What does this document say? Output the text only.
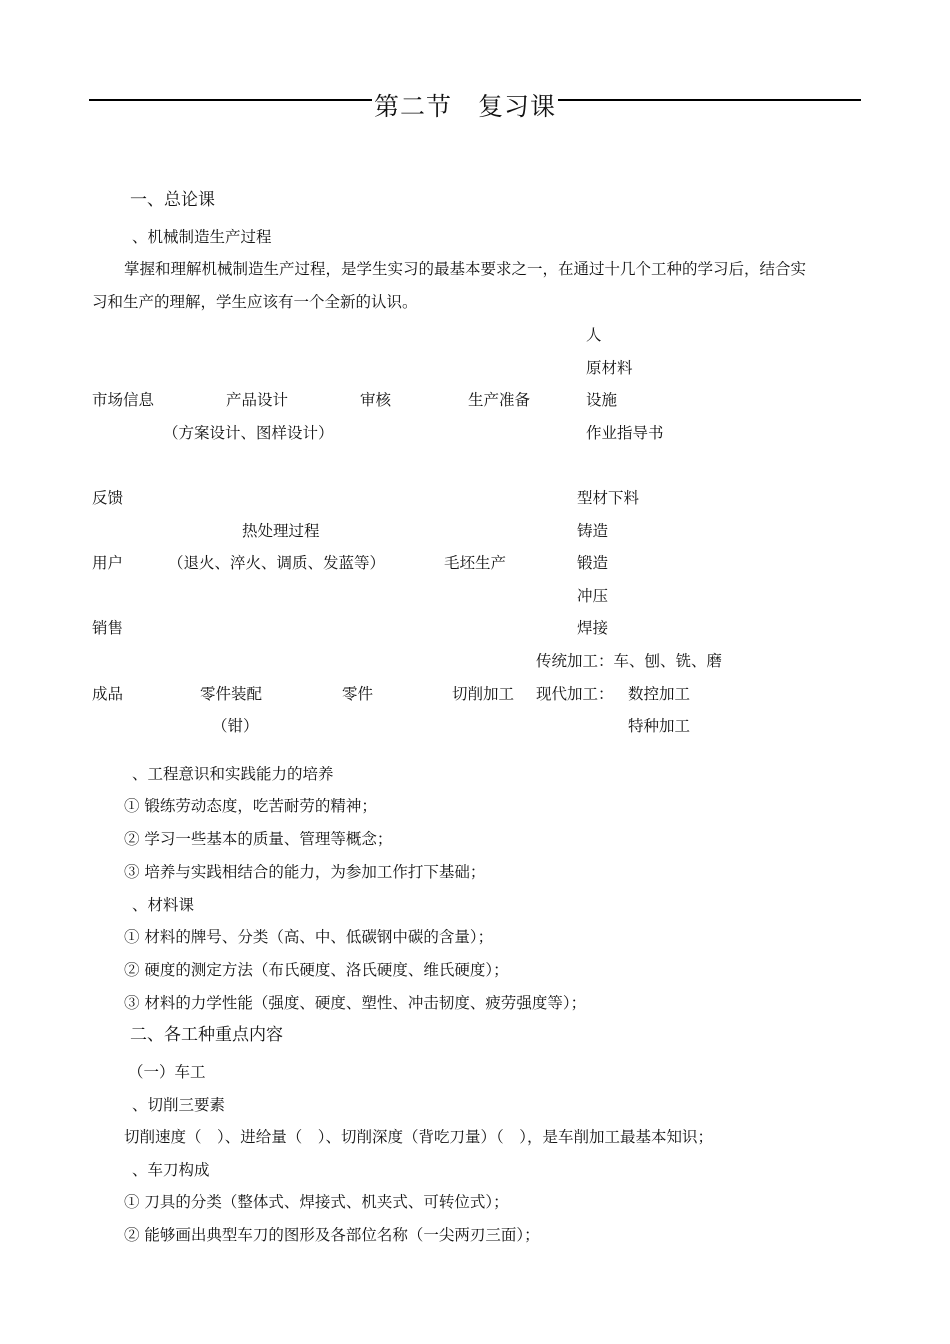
第二节　复习课
一、总论课
、机械制造生产过程
掌握和理解机械制造生产过程，是学生实习的最基本要求之一，在通过十几个工种的学习后，结合实
习和生产的理解，学生应该有一个全新的认识。
人
原材料
市场信息	产品设计	审核	生产准备	设施
（方案设计、图样设计）	作业指导书
反馈	型材下料
热处理过程	铸造
用户	（退火、淬火、调质、发蓝等）	毛坯生产	锻造
冲压
销售	焊接
传统加工：车、刨、铣、磨
成品	零件装配	零件	切削加工 现代加工： 数控加工
（钳）	特种加工
、工程意识和实践能力的培养
① 锻练劳动态度，吃苦耐劳的精神；
② 学习一些基本的质量、管理等概念；
③ 培养与实践相结合的能力，为参加工作打下基础；
、材料课
① 材料的牌号、分类（高、中、低碳钢中碳的含量）；
② 硬度的测定方法（布氏硬度、洛氏硬度、维氏硬度）；
③ 材料的力学性能（强度、硬度、塑性、冲击韧度、疲劳强度等）；
二、各工种重点内容
（一）车工
、切削三要素
切削速度（　）、进给量（　）、切削深度（背吃刀量）（　），是车削加工最基本知识；
、车刀构成
① 刀具的分类（整体式、焊接式、机夹式、可转位式）；
② 能够画出典型车刀的图形及各部位名称（一尖两刃三面）；
